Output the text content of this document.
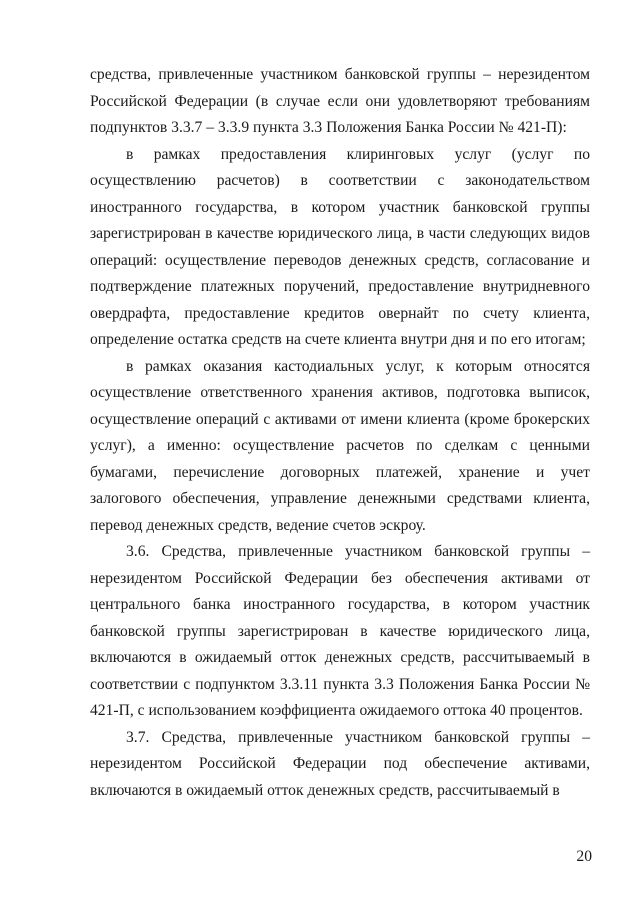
средства, привлеченные участником банковской группы – нерезидентом Российской Федерации (в случае если они удовлетворяют требованиям подпунктов 3.3.7 – 3.3.9 пункта 3.3 Положения Банка России № 421-П):

в рамках предоставления клиринговых услуг (услуг по осуществлению расчетов) в соответствии с законодательством иностранного государства, в котором участник банковской группы зарегистрирован в качестве юридического лица, в части следующих видов операций: осуществление переводов денежных средств, согласование и подтверждение платежных поручений, предоставление внутридневного овердрафта, предоставление кредитов овернайт по счету клиента, определение остатка средств на счете клиента внутри дня и по его итогам;

в рамках оказания кастодиальных услуг, к которым относятся осуществление ответственного хранения активов, подготовка выписок, осуществление операций с активами от имени клиента (кроме брокерских услуг), а именно: осуществление расчетов по сделкам с ценными бумагами, перечисление договорных платежей, хранение и учет залогового обеспечения, управление денежными средствами клиента, перевод денежных средств, ведение счетов эскроу.

3.6. Средства, привлеченные участником банковской группы – нерезидентом Российской Федерации без обеспечения активами от центрального банка иностранного государства, в котором участник банковской группы зарегистрирован в качестве юридического лица, включаются в ожидаемый отток денежных средств, рассчитываемый в соответствии с подпунктом 3.3.11 пункта 3.3 Положения Банка России № 421-П, с использованием коэффициента ожидаемого оттока 40 процентов.

3.7. Средства, привлеченные участником банковской группы – нерезидентом Российской Федерации под обеспечение активами, включаются в ожидаемый отток денежных средств, рассчитываемый в

20
